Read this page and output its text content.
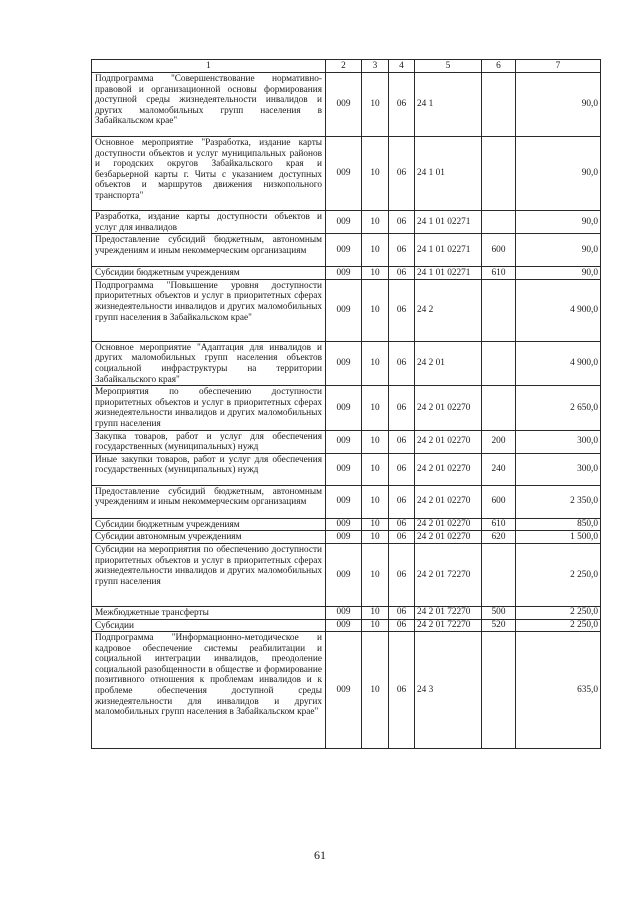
1	2	3	4	5	6	7
Подпрограмма "Совершенствование нормативно-правовой и организационной основы формирования доступной среды жизнедеятельности инвалидов и других маломобильных групп населения в Забайкальском крае"	009	10	06	24 1		90,0
Основное мероприятие "Разработка, издание карты доступности объектов и услуг муниципальных районов и городских округов Забайкальского края и безбарьерной карты г. Читы с указанием доступных объектов и маршрутов движения низкопольного транспорта"	009	10	06	24 1 01		90,0
Разработка, издание карты доступности объектов и услуг для инвалидов	009	10	06	24 1 01 02271		90,0
Предоставление субсидий бюджетным, автономным учреждениям и иным некоммерческим организациям	009	10	06	24 1 01 02271	600	90,0
Субсидии бюджетным учреждениям	009	10	06	24 1 01 02271	610	90,0
Подпрограмма "Повышение уровня доступности приоритетных объектов и услуг в приоритетных сферах жизнедеятельности инвалидов и других маломобильных групп населения в Забайкальском крае"	009	10	06	24 2		4 900,0
Основное мероприятие "Адаптация для инвалидов и других маломобильных групп населения объектов социальной инфраструктуры на территории Забайкальского края"	009	10	06	24 2 01		4 900,0
Мероприятия по обеспечению доступности приоритетных объектов и услуг в приоритетных сферах жизнедеятельности инвалидов и других маломобильных групп населения	009	10	06	24 2 01 02270		2 650,0
Закупка товаров, работ и услуг для обеспечения государственных (муниципальных) нужд	009	10	06	24 2 01 02270	200	300,0
Иные закупки товаров, работ и услуг для обеспечения государственных (муниципальных) нужд	009	10	06	24 2 01 02270	240	300,0
Предоставление субсидий бюджетным, автономным учреждениям и иным некоммерческим организациям	009	10	06	24 2 01 02270	600	2 350,0
Субсидии бюджетным учреждениям	009	10	06	24 2 01 02270	610	850,0
Субсидии автономным учреждениям	009	10	06	24 2 01 02270	620	1 500,0
Субсидии на мероприятия по обеспечению доступности приоритетных объектов и услуг в приоритетных сферах жизнедеятельности инвалидов и других маломобильных групп населения	009	10	06	24 2 01 72270		2 250,0
Межбюджетные трансферты	009	10	06	24 2 01 72270	500	2 250,0
Субсидии	009	10	06	24 2 01 72270	520	2 250,0
Подпрограмма "Информационно-методическое и кадровое обеспечение системы реабилитации и социальной интеграции инвалидов, преодоление социальной разобщенности в обществе и формирование позитивного отношения к проблемам инвалидов и к проблеме обеспечения доступной среды жизнедеятельности для инвалидов и других маломобильных групп населения в Забайкальском крае"	009	10	06	24 3		635,0
61
